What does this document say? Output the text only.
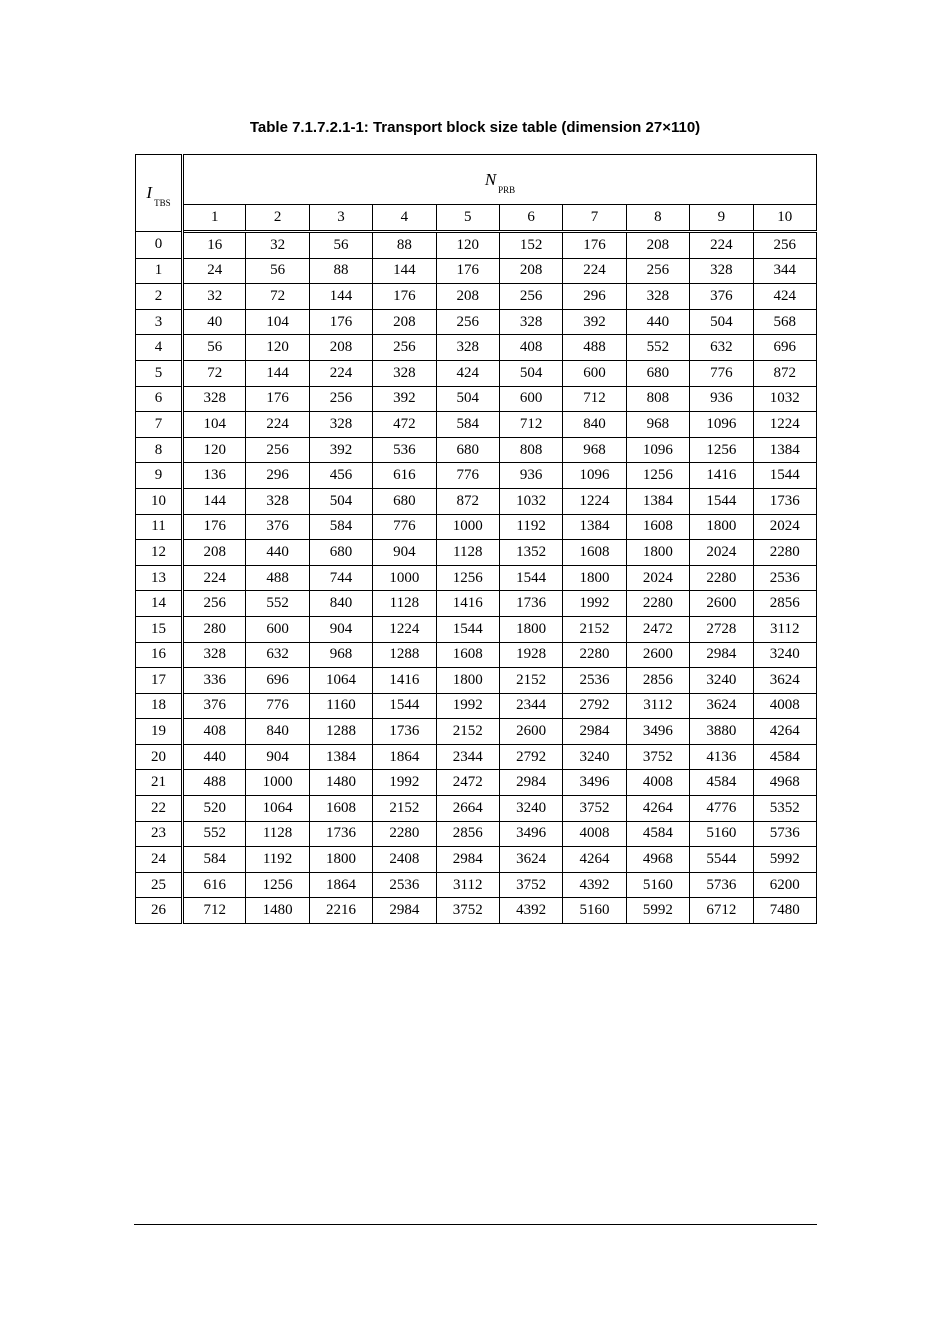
Table 7.1.7.2.1-1: Transport block size table (dimension 27×110)
$I_{TBS}$	$N_{PRB}$
	1	2	3	4	5	6	7	8	9	10
0	16	32	56	88	120	152	176	208	224	256
1	24	56	88	144	176	208	224	256	328	344
2	32	72	144	176	208	256	296	328	376	424
3	40	104	176	208	256	328	392	440	504	568
4	56	120	208	256	328	408	488	552	632	696
5	72	144	224	328	424	504	600	680	776	872
6	328	176	256	392	504	600	712	808	936	1032
7	104	224	328	472	584	712	840	968	1096	1224
8	120	256	392	536	680	808	968	1096	1256	1384
9	136	296	456	616	776	936	1096	1256	1416	1544
10	144	328	504	680	872	1032	1224	1384	1544	1736
11	176	376	584	776	1000	1192	1384	1608	1800	2024
12	208	440	680	904	1128	1352	1608	1800	2024	2280
13	224	488	744	1000	1256	1544	1800	2024	2280	2536
14	256	552	840	1128	1416	1736	1992	2280	2600	2856
15	280	600	904	1224	1544	1800	2152	2472	2728	3112
16	328	632	968	1288	1608	1928	2280	2600	2984	3240
17	336	696	1064	1416	1800	2152	2536	2856	3240	3624
18	376	776	1160	1544	1992	2344	2792	3112	3624	4008
19	408	840	1288	1736	2152	2600	2984	3496	3880	4264
20	440	904	1384	1864	2344	2792	3240	3752	4136	4584
21	488	1000	1480	1992	2472	2984	3496	4008	4584	4968
22	520	1064	1608	2152	2664	3240	3752	4264	4776	5352
23	552	1128	1736	2280	2856	3496	4008	4584	5160	5736
24	584	1192	1800	2408	2984	3624	4264	4968	5544	5992
25	616	1256	1864	2536	3112	3752	4392	5160	5736	6200
26	712	1480	2216	2984	3752	4392	5160	5992	6712	7480
